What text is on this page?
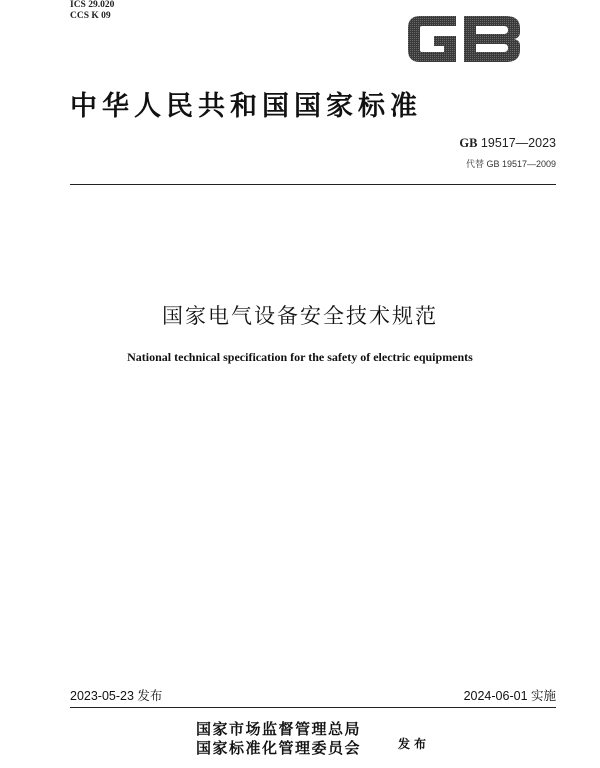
ICS 29.020
CCS K 09
中华人民共和国国家标准
GB 19517—2023
代替 GB 19517—2009
国家电气设备安全技术规范
National technical specification for the safety of electric equipments
2023-05-23 发布	2024-06-01 实施
国家市场监督管理总局
国家标准化管理委员会	发布
